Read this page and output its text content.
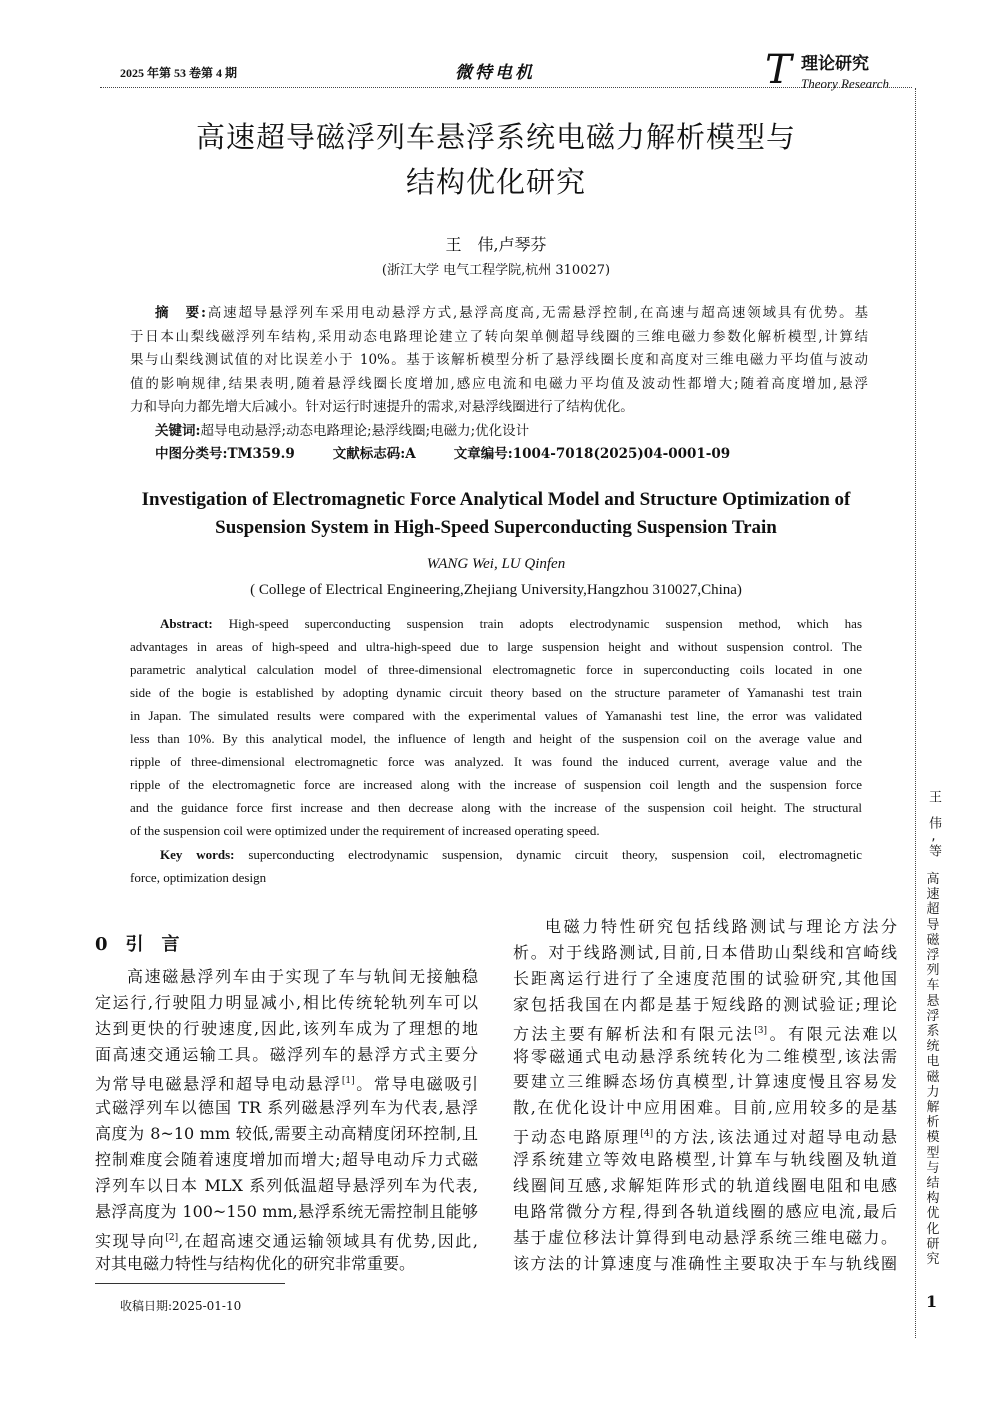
2025 年第 53 卷第 4 期	微特电机	T 理论研究
Theory Research
高速超导磁浮列车悬浮系统电磁力解析模型与
结构优化研究
王　伟,卢琴芬
(浙江大学 电气工程学院,杭州 310027)
摘　要:高速超导悬浮列车采用电动悬浮方式,悬浮高度高,无需悬浮控制,在高速与超高速领域具有优势。基
于日本山梨线磁浮列车结构,采用动态电路理论建立了转向架单侧超导线圈的三维电磁力参数化解析模型,计算结
果与山梨线测试值的对比误差小于 10%。基于该解析模型分析了悬浮线圈长度和高度对三维电磁力平均值与波动
值的影响规律,结果表明,随着悬浮线圈长度增加,感应电流和电磁力平均值及波动性都增大;随着高度增加,悬浮
力和导向力都先增大后减小。针对运行时速提升的需求,对悬浮线圈进行了结构优化。
关键词:超导电动悬浮;动态电路理论;悬浮线圈;电磁力;优化设计
中图分类号:TM359.9	文献标志码:A	文章编号:1004-7018(2025)04-0001-09
Investigation of Electromagnetic Force Analytical Model and Structure Optimization of
Suspension System in High-Speed Superconducting Suspension Train
WANG Wei, LU Qinfen
( College of Electrical Engineering,Zhejiang University,Hangzhou 310027,China)
Abstract: High-speed superconducting suspension train adopts electrodynamic suspension method, which has
advantages in areas of high-speed and ultra-high-speed due to large suspension height and without suspension control. The
parametric analytical calculation model of three-dimensional electromagnetic force in superconducting coils located in one
side of the bogie is established by adopting dynamic circuit theory based on the structure parameter of Yamanashi test train
in Japan. The simulated results were compared with the experimental values of Yamanashi test line, the error was validated
less than 10%. By this analytical model, the influence of length and height of the suspension coil on the average value and
ripple of three-dimensional electromagnetic force was analyzed. It was found the induced current, average value and the
ripple of the electromagnetic force are increased along with the increase of suspension coil length and the suspension force
and the guidance force first increase and then decrease along with the increase of the suspension coil height. The structural
of the suspension coil were optimized under the requirement of increased operating speed.
Key words: superconducting electrodynamic suspension, dynamic circuit theory, suspension coil, electromagnetic
force, optimization design
0　引　言
高速磁悬浮列车由于实现了车与轨间无接触稳
定运行,行驶阻力明显减小,相比传统轮轨列车可以
达到更快的行驶速度,因此,该列车成为了理想的地
面高速交通运输工具。磁浮列车的悬浮方式主要分
为常导电磁悬浮和超导电动悬浮[1]。常导电磁吸引
式磁浮列车以德国 TR 系列磁悬浮列车为代表,悬浮
高度为 8~10 mm 较低,需要主动高精度闭环控制,且
控制难度会随着速度增加而增大;超导电动斥力式磁
浮列车以日本 MLX 系列低温超导悬浮列车为代表,
悬浮高度为 100~150 mm,悬浮系统无需控制且能够
实现导向[2],在超高速交通运输领域具有优势,因此,
对其电磁力特性与结构优化的研究非常重要。
电磁力特性研究包括线路测试与理论方法分
析。对于线路测试,目前,日本借助山梨线和宫崎线
长距离运行进行了全速度范围的试验研究,其他国
家包括我国在内都是基于短线路的测试验证;理论
方法主要有解析法和有限元法[3]。有限元法难以
将零磁通式电动悬浮系统转化为二维模型,该法需
要建立三维瞬态场仿真模型,计算速度慢且容易发
散,在优化设计中应用困难。目前,应用较多的是基
于动态电路原理[4]的方法,该法通过对超导电动悬
浮系统建立等效电路模型,计算车与轨线圈及轨道
线圈间互感,求解矩阵形式的轨道线圈电阻和电感
电路常微分方程,得到各轨道线圈的感应电流,最后
基于虚位移法计算得到电动悬浮系统三维电磁力。
该方法的计算速度与准确性主要取决于车与轨线圈
收稿日期:2025-01-10
王　伟,等
高
速
超
导
磁
浮
列
车
悬
浮
系
统
电
磁
力
解
析
模
型
与
结
构
优
化
研
究
1
